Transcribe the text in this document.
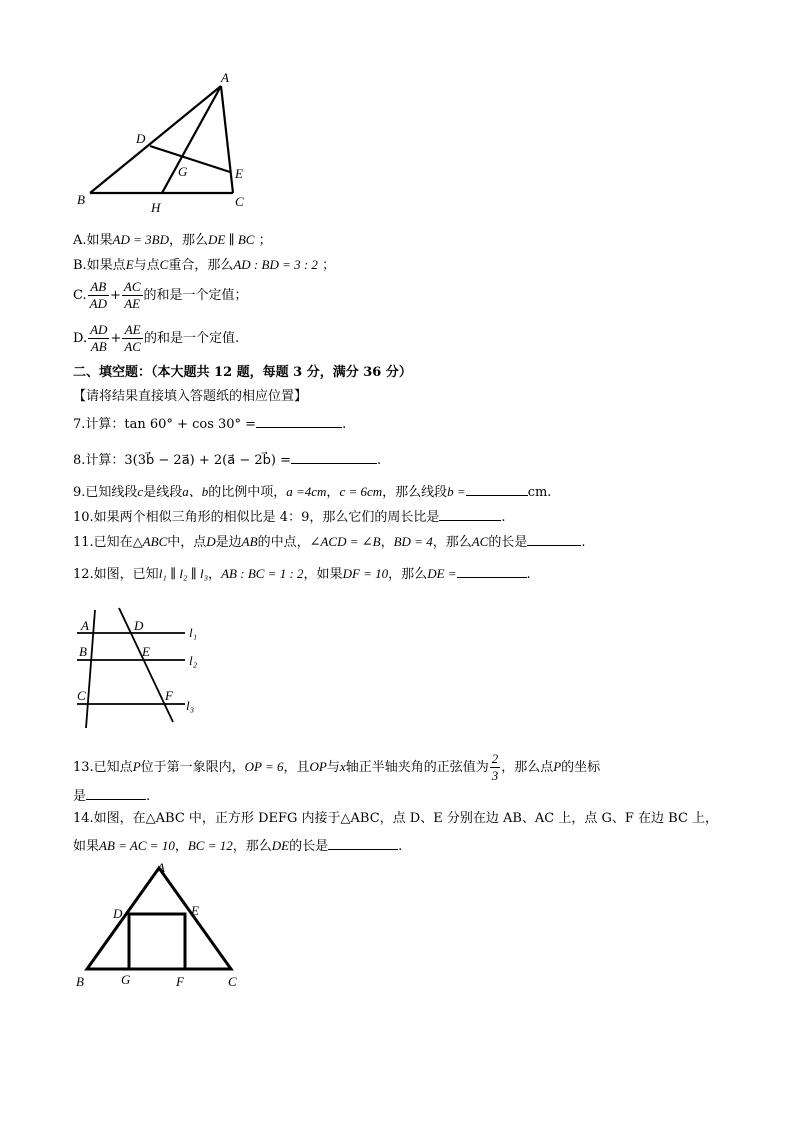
A
D
G	E
B
H	C
A.如果AD = 3BD，那么DE ∥ BC ；
B.如果点E与点C重合，那么AD : BD = 3 : 2 ；
C. $\frac{AB}{AD} + \frac{AC}{AE}$ 的和是一个定值；
D. $\frac{AD}{AB} + \frac{AE}{AC}$ 的和是一个定值.
二、填空题：（本大题共 12 题，每题 3 分，满分 36 分）
【请将结果直接填入答题纸的相应位置】
7.计算：tan 60° + cos 30° =	.
8.计算：3(3b⃗ − 2a⃗) + 2(a⃗ − 2b⃗) =	.
9.已知线段c是线段a、b的比例中项，a =4cm，c = 6cm，那么线段b =	cm.
10.如果两个相似三角形的相似比是 4：9，那么它们的周长比是	.
11.已知在△ABC中，点D是边AB的中点，∠ACD = ∠B，BD = 4，那么AC的长是	.
12.如图，已知l₁ ∥ l₂ ∥ l₃，AB : BC = 1 : 2，如果DF = 10，那么DE =	.
A	D	l₁
B	E
l₂
C	F
l₃
13.已知点P位于第一象限内，OP = 6，且OP与x轴正半轴夹角的正弦值为 $\frac{2}{3}$ ，那么点P的坐标
是	.
14.如图，在△ABC 中，正方形 DEFG 内接于△ABC，点 D、E 分别在边 AB、AC 上，点 G、F 在边 BC 上，
如果AB = AC = 10，BC = 12，那么DE的长是	.
A
D	E
B	G	F	C
